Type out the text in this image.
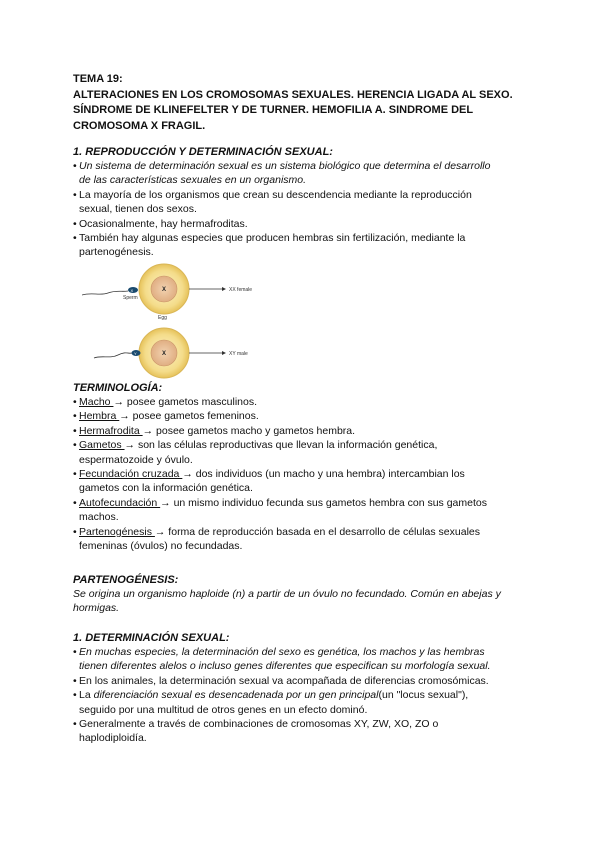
TEMA 19:
ALTERACIONES EN LOS CROMOSOMAS SEXUALES. HERENCIA LIGADA AL SEXO.
SÍNDROME DE KLINEFELTER Y DE TURNER. HEMOFILIA A. SINDROME DEL
CROMOSOMA X FRAGIL.
1. REPRODUCCIÓN Y DETERMINACIÓN SEXUAL:
• Un sistema de determinación sexual es un sistema biológico que determina el desarrollo
de las características sexuales en un organismo.
• La mayoría de los organismos que crean su descendencia mediante la reproducción
sexual, tienen dos sexos.
• Ocasionalmente, hay hermafroditas.
• También hay algunas especies que producen hembras sin fertilización, mediante la
partenogénesis.
X
X
Sperm
Egg
XX female
X
Y	XY male
TERMINOLOGÍA:
• Macho → posee gametos masculinos.
• Hembra → posee gametos femeninos.
• Hermafrodita → posee gametos macho y gametos hembra.
• Gametos → son las células reproductivas que llevan la información genética,
espermatozoide y óvulo.
• Fecundación cruzada → dos individuos (un macho y una hembra) intercambian los
gametos con la información genética.
• Autofecundación → un mismo individuo fecunda sus gametos hembra con sus gametos
machos.
• Partenogénesis → forma de reproducción basada en el desarrollo de células sexuales
femeninas (óvulos) no fecundadas.
PARTENOGÉNESIS:
Se origina un organismo haploide (n) a partir de un óvulo no fecundado. Común en abejas y
hormigas.
1. DETERMINACIÓN SEXUAL:
• En muchas especies, la determinación del sexo es genética, los machos y las hembras
tienen diferentes alelos o incluso genes diferentes que especifican su morfología sexual.
• En los animales, la determinación sexual va acompañada de diferencias cromosómicas.
• La diferenciación sexual es desencadenada por un gen principal(un "locus sexual"),
seguido por una multitud de otros genes en un efecto dominó.
• Generalmente a través de combinaciones de cromosomas XY, ZW, XO, ZO o
haplodiploidía.
